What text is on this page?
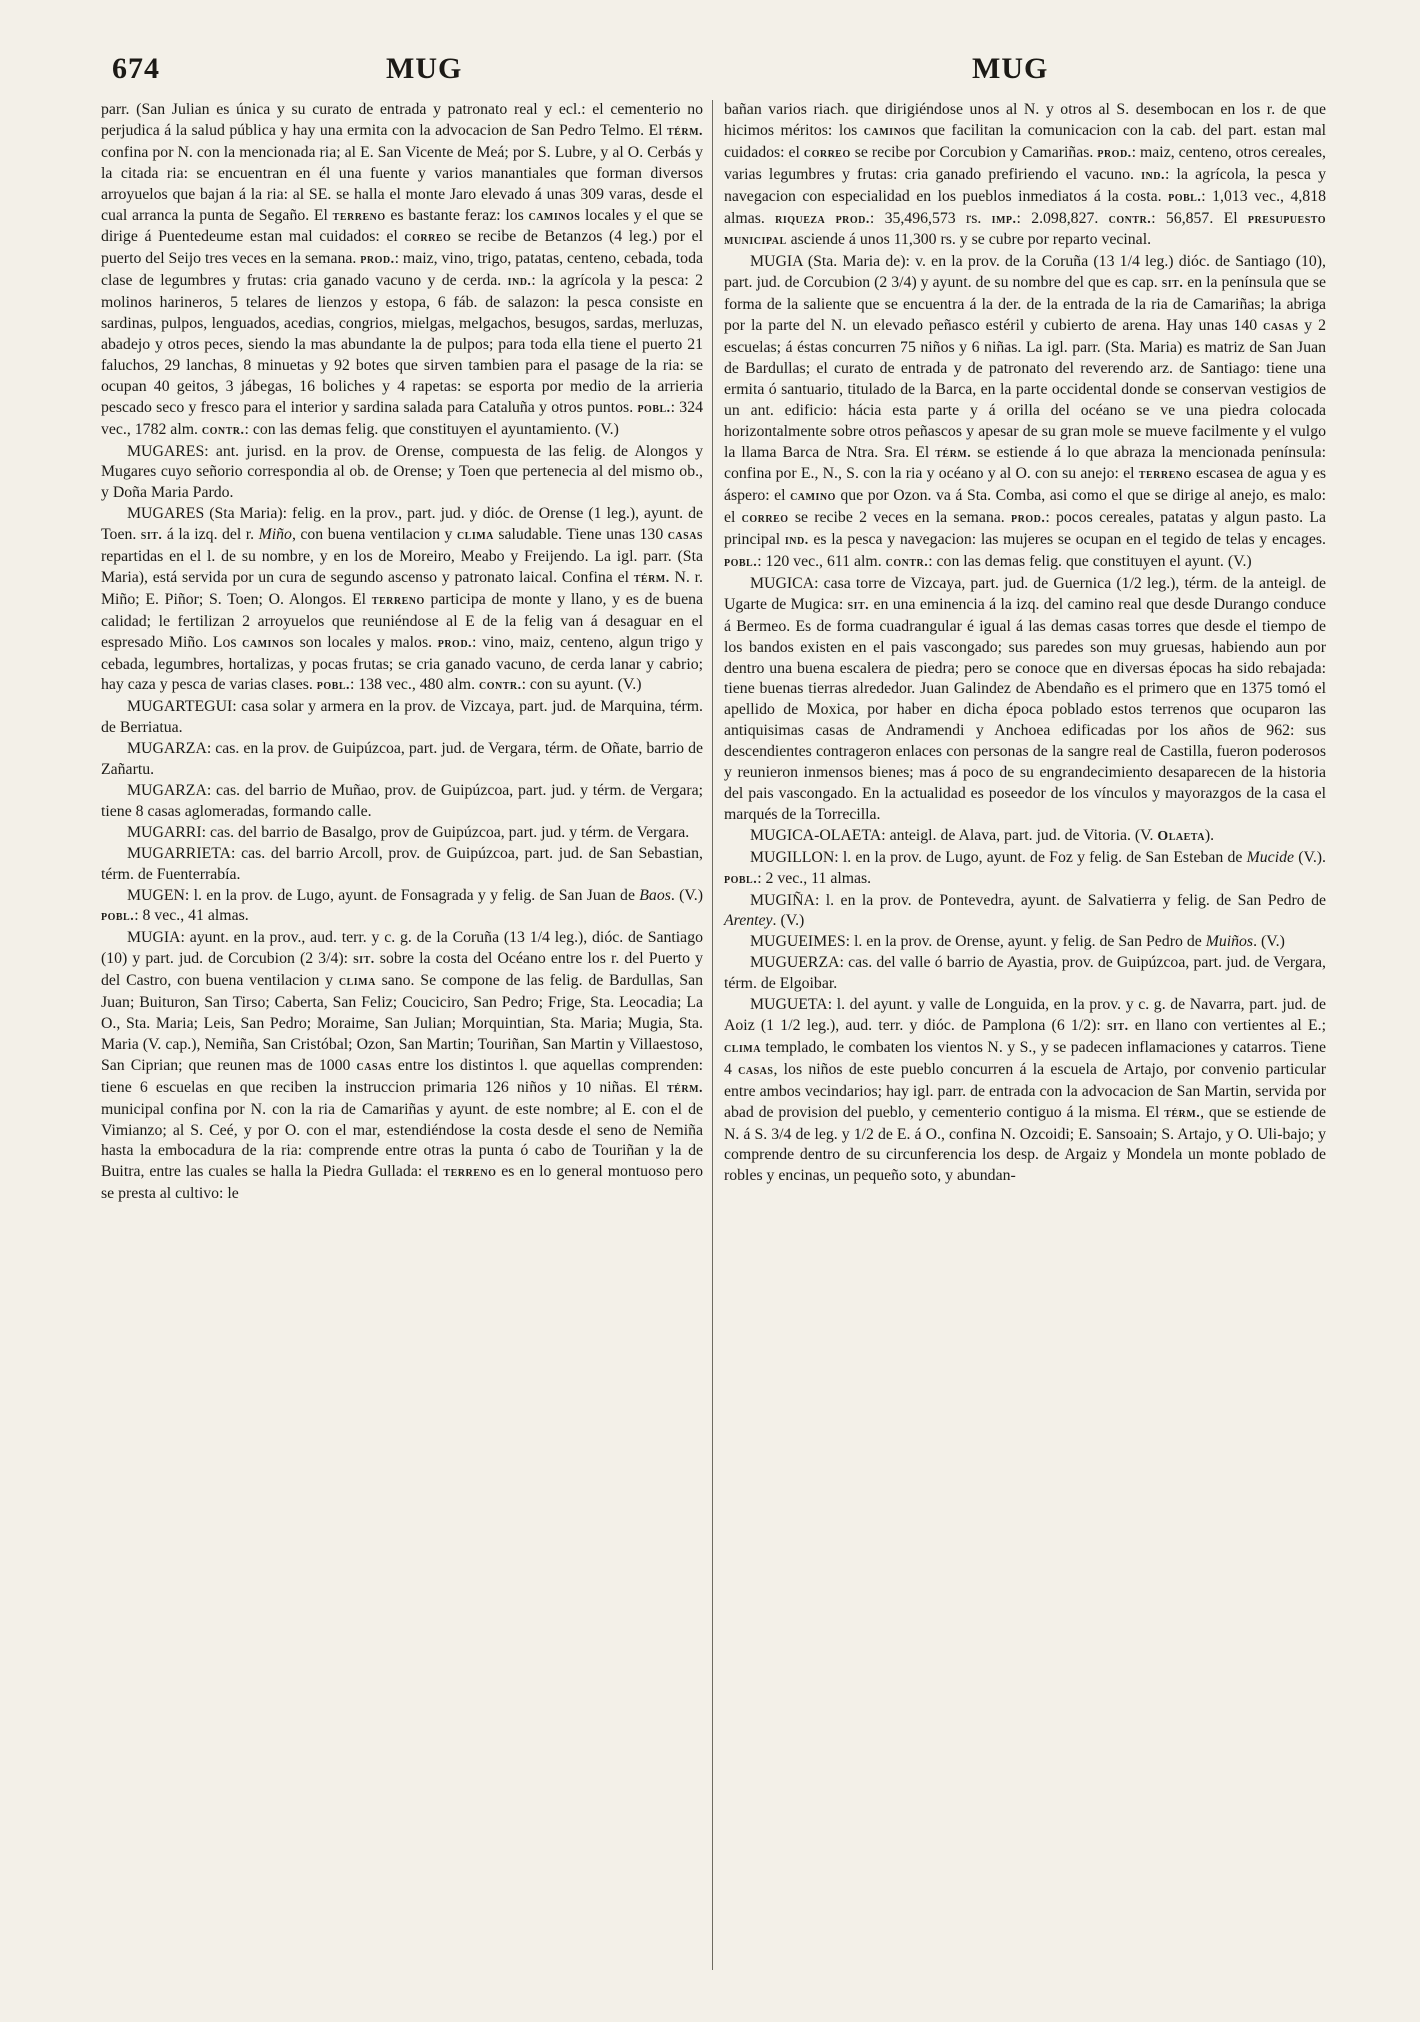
674	MUG	MUG

parr. (San Julian es única y su curato de entrada y patronato real y ecl.: el cementerio no perjudica á la salud pública y hay una ermita con la advocacion de San Pedro Telmo. El térm. confina por N. con la mencionada ria; al E. San Vicente de Meá; por S. Lubre, y al O. Cerbás y la citada ria: se encuentran en él una fuente y varios manantiales que forman diversos arroyuelos que bajan á la ria: al SE. se halla el monte Jaro elevado á unas 309 varas, desde el cual arranca la punta de Segaño. El terreno es bastante feraz: los caminos locales y el que se dirige á Puentedeume estan mal cuidados: el correo se recibe de Betanzos (4 leg.) por el puerto del Seijo tres veces en la semana. prod.: maiz, vino, trigo, patatas, centeno, cebada, toda clase de legumbres y frutas: cria ganado vacuno y de cerda. ind.: la agrícola y la pesca: 2 molinos harineros, 5 telares de lienzos y estopa, 6 fáb. de salazon: la pesca consiste en sardinas, pulpos, lenguados, acedias, congrios, mielgas, melgachos, besugos, sardas, merluzas, abadejo y otros peces, siendo la mas abundante la de pulpos; para toda ella tiene el puerto 21 faluchos, 29 lanchas, 8 minuetas y 92 botes que sirven tambien para el pasage de la ria: se ocupan 40 geitos, 3 jábegas, 16 boliches y 4 rapetas: se esporta por medio de la arrieria pescado seco y fresco para el interior y sardina salada para Cataluña y otros puntos. pobl.: 324 vec., 1782 alm. contr.: con las demas felig. que constituyen el ayuntamiento. (V.)

MUGARES: ant. jurisd. en la prov. de Orense, compuesta de las felig. de Alongos y Mugares cuyo señorio correspondia al ob. de Orense; y Toen que pertenecia al del mismo ob., y Doña Maria Pardo.

MUGARES (Sta Maria): felig. en la prov., part. jud. y dióc. de Orense (1 leg.), ayunt. de Toen. sit. á la izq. del r. Miño, con buena ventilacion y clima saludable. Tiene unas 130 casas repartidas en el l. de su nombre, y en los de Moreiro, Meabo y Freijendo. La igl. parr. (Sta Maria), está servida por un cura de segundo ascenso y patronato laical. Confina el térm. N. r. Miño; E. Piñor; S. Toen; O. Alongos. El terreno participa de monte y llano, y es de buena calidad; le fertilizan 2 arroyuelos que reuniéndose al E de la felig van á desaguar en el espresado Miño. Los caminos son locales y malos. prod.: vino, maiz, centeno, algun trigo y cebada, legumbres, hortalizas, y pocas frutas; se cria ganado vacuno, de cerda lanar y cabrio; hay caza y pesca de varias clases. pobl.: 138 vec., 480 alm. contr.: con su ayunt. (V.)

MUGARTEGUI: casa solar y armera en la prov. de Vizcaya, part. jud. de Marquina, térm. de Berriatua.

MUGARZA: cas. en la prov. de Guipúzcoa, part. jud. de Vergara, térm. de Oñate, barrio de Zañartu.

MUGARZA: cas. del barrio de Muñao, prov. de Guipúzcoa, part. jud. y térm. de Vergara; tiene 8 casas aglomeradas, formando calle.

MUGARRI: cas. del barrio de Basalgo, prov de Guipúzcoa, part. jud. y térm. de Vergara.

MUGARRIETA: cas. del barrio Arcoll, prov. de Guipúzcoa, part. jud. de San Sebastian, térm. de Fuenterrabía.

MUGEN: l. en la prov. de Lugo, ayunt. de Fonsagrada y y felig. de San Juan de Baos. (V.) pobl.: 8 vec., 41 almas.

MUGIA: ayunt. en la prov., aud. terr. y c. g. de la Coruña (13 1/4 leg.), dióc. de Santiago (10) y part. jud. de Corcubion (2 3/4): sit. sobre la costa del Océano entre los r. del Puerto y del Castro, con buena ventilacion y clima sano. Se compone de las felig. de Bardullas, San Juan; Buituron, San Tirso; Caberta, San Feliz; Couciciro, San Pedro; Frige, Sta. Leocadia; La O., Sta. Maria; Leis, San Pedro; Moraime, San Julian; Morquintian, Sta. Maria; Mugia, Sta. Maria (V. cap.), Nemiña, San Cristóbal; Ozon, San Martin; Touriñan, San Martin y Villaestoso, San Ciprian; que reunen mas de 1000 casas entre los distintos l. que aquellas comprenden: tiene 6 escuelas en que reciben la instruccion primaria 126 niños y 10 niñas. El térm. municipal confina por N. con la ria de Camariñas y ayunt. de este nombre; al E. con el de Vimianzo; al S. Ceé, y por O. con el mar, estendiéndose la costa desde el seno de Nemiña hasta la embocadura de la ria: comprende entre otras la punta ó cabo de Touriñan y la de Buitra, entre las cuales se halla la Piedra Gullada: el terreno es en lo general montuoso pero se presta al cultivo: le

bañan varios riach. que dirigiéndose unos al N. y otros al S. desembocan en los r. de que hicimos méritos: los caminos que facilitan la comunicacion con la cab. del part. estan mal cuidados: el correo se recibe por Corcubion y Camariñas. prod.: maiz, centeno, otros cereales, varias legumbres y frutas: cria ganado prefiriendo el vacuno. ind.: la agrícola, la pesca y navegacion con especialidad en los pueblos inmediatos á la costa. pobl.: 1,013 vec., 4,818 almas. riqueza prod.: 35,496,573 rs. imp.: 2.098,827. contr.: 56,857. El presupuesto municipal asciende á unos 11,300 rs. y se cubre por reparto vecinal.

MUGIA (Sta. Maria de): v. en la prov. de la Coruña (13 1/4 leg.) dióc. de Santiago (10), part. jud. de Corcubion (2 3/4) y ayunt. de su nombre del que es cap. sit. en la península que se forma de la saliente que se encuentra á la der. de la entrada de la ria de Camariñas; la abriga por la parte del N. un elevado peñasco estéril y cubierto de arena. Hay unas 140 casas y 2 escuelas; á éstas concurren 75 niños y 6 niñas. La igl. parr. (Sta. Maria) es matriz de San Juan de Bardullas; el curato de entrada y de patronato del reverendo arz. de Santiago: tiene una ermita ó santuario, titulado de la Barca, en la parte occidental donde se conservan vestigios de un ant. edificio: hácia esta parte y á orilla del océano se ve una piedra colocada horizontalmente sobre otros peñascos y apesar de su gran mole se mueve facilmente y el vulgo la llama Barca de Ntra. Sra. El térm. se estiende á lo que abraza la mencionada península: confina por E., N., S. con la ria y océano y al O. con su anejo: el terreno escasea de agua y es áspero: el camino que por Ozon. va á Sta. Comba, asi como el que se dirige al anejo, es malo: el correo se recibe 2 veces en la semana. prod.: pocos cereales, patatas y algun pasto. La principal ind. es la pesca y navegacion: las mujeres se ocupan en el tegido de telas y encages. pobl.: 120 vec., 611 alm. contr.: con las demas felig. que constituyen el ayunt. (V.)

MUGICA: casa torre de Vizcaya, part. jud. de Guernica (1/2 leg.), térm. de la anteigl. de Ugarte de Mugica: sit. en una eminencia á la izq. del camino real que desde Durango conduce á Bermeo. Es de forma cuadrangular é igual á las demas casas torres que desde el tiempo de los bandos existen en el pais vascongado; sus paredes son muy gruesas, habiendo aun por dentro una buena escalera de piedra; pero se conoce que en diversas épocas ha sido rebajada: tiene buenas tierras alrededor. Juan Galindez de Abendaño es el primero que en 1375 tomó el apellido de Moxica, por haber en dicha época poblado estos terrenos que ocuparon las antiquisimas casas de Andramendi y Anchoea edificadas por los años de 962: sus descendientes contrageron enlaces con personas de la sangre real de Castilla, fueron poderosos y reunieron inmensos bienes; mas á poco de su engrandecimiento desaparecen de la historia del pais vascongado. En la actualidad es poseedor de los vínculos y mayorazgos de la casa el marqués de la Torrecilla.

MUGICA-OLAETA: anteigl. de Alava, part. jud. de Vitoria. (V. Olaeta).

MUGILLON: l. en la prov. de Lugo, ayunt. de Foz y felig. de San Esteban de Mucide (V.). pobl.: 2 vec., 11 almas.

MUGIÑA: l. en la prov. de Pontevedra, ayunt. de Salvatierra y felig. de San Pedro de Arentey. (V.)

MUGUEIMES: l. en la prov. de Orense, ayunt. y felig. de San Pedro de Muiños. (V.)

MUGUERZA: cas. del valle ó barrio de Ayastia, prov. de Guipúzcoa, part. jud. de Vergara, térm. de Elgoibar.

MUGUETA: l. del ayunt. y valle de Longuida, en la prov. y c. g. de Navarra, part. jud. de Aoiz (1 1/2 leg.), aud. terr. y dióc. de Pamplona (6 1/2): sit. en llano con vertientes al E.; clima templado, le combaten los vientos N. y S., y se padecen inflamaciones y catarros. Tiene 4 casas, los niños de este pueblo concurren á la escuela de Artajo, por convenio particular entre ambos vecindarios; hay igl. parr. de entrada con la advocacion de San Martin, servida por abad de provision del pueblo, y cementerio contiguo á la misma. El térm., que se estiende de N. á S. 3/4 de leg. y 1/2 de E. á O., confina N. Ozcoidi; E. Sansoain; S. Artajo, y O. Uli-bajo; y comprende dentro de su circunferencia los desp. de Argaiz y Mondela un monte poblado de robles y encinas, un pequeño soto, y abundan-
